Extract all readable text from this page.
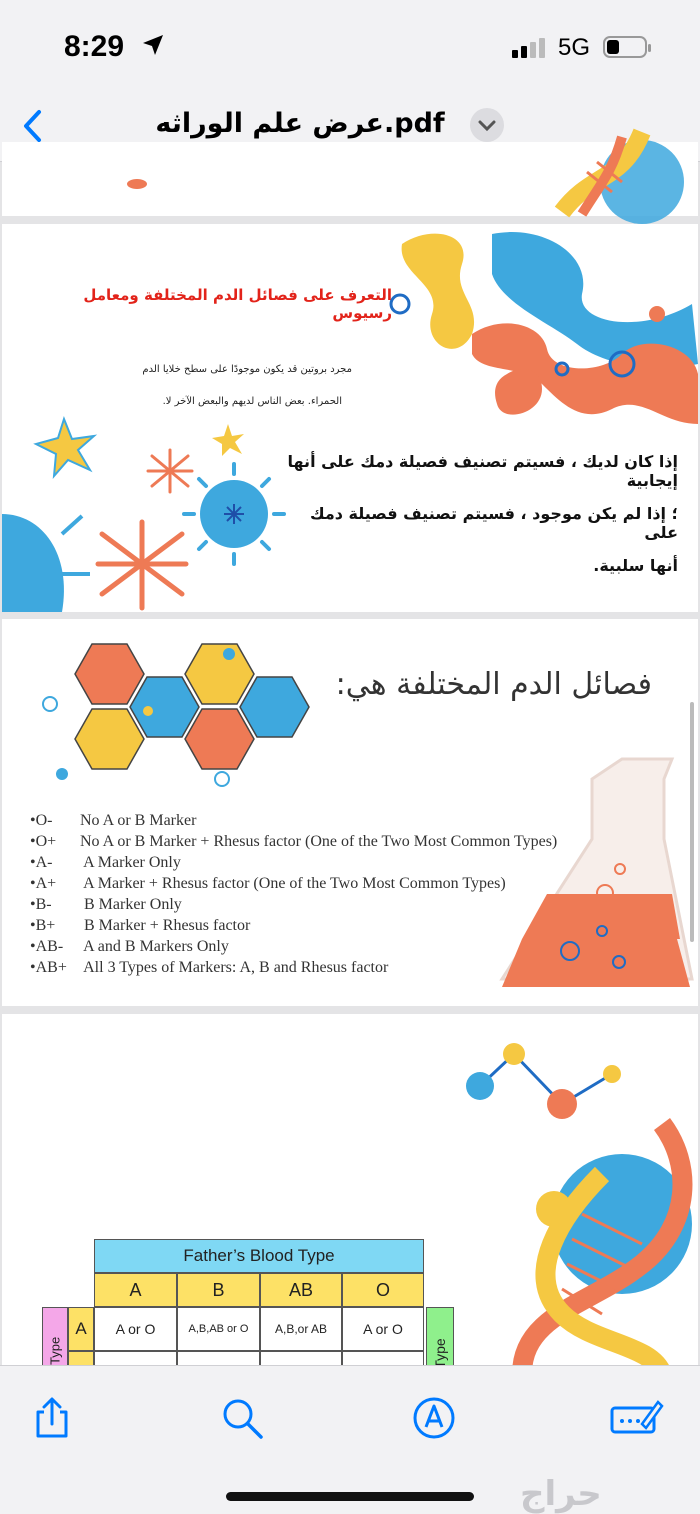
8:29	5G
عرض علم الوراثه.pdf
التعرف على فصائل الدم المختلفة ومعامل رسيوس
مجرد بروتين قد يكون موجودًا على سطح خلايا الدم
الحمراء. بعض الناس لديهم والبعض الآخر لا.
إذا كان لديك ، فسيتم تصنيف فصيلة دمك على أنها إيجابية
؛ إذا لم يكن موجود ، فسيتم تصنيف فصيلة دمك على
أنها سلبية.
فصائل الدم المختلفة هي:
•O- No A or B Marker
•O+ No A or B Marker + Rhesus factor (One of the Two Most Common Types)
•A- A Marker Only
•A+ A Marker + Rhesus factor (One of the Two Most Common Types)
•B- B Marker Only
•B+ B Marker + Rhesus factor
•AB- A and B Markers Only
•AB+ All 3 Types of Markers: A, B and Rhesus factor
Father’s Blood Type
A	B	AB	O
A	A or O	A,B,AB or O	A,B,or AB	A or O
حراج
